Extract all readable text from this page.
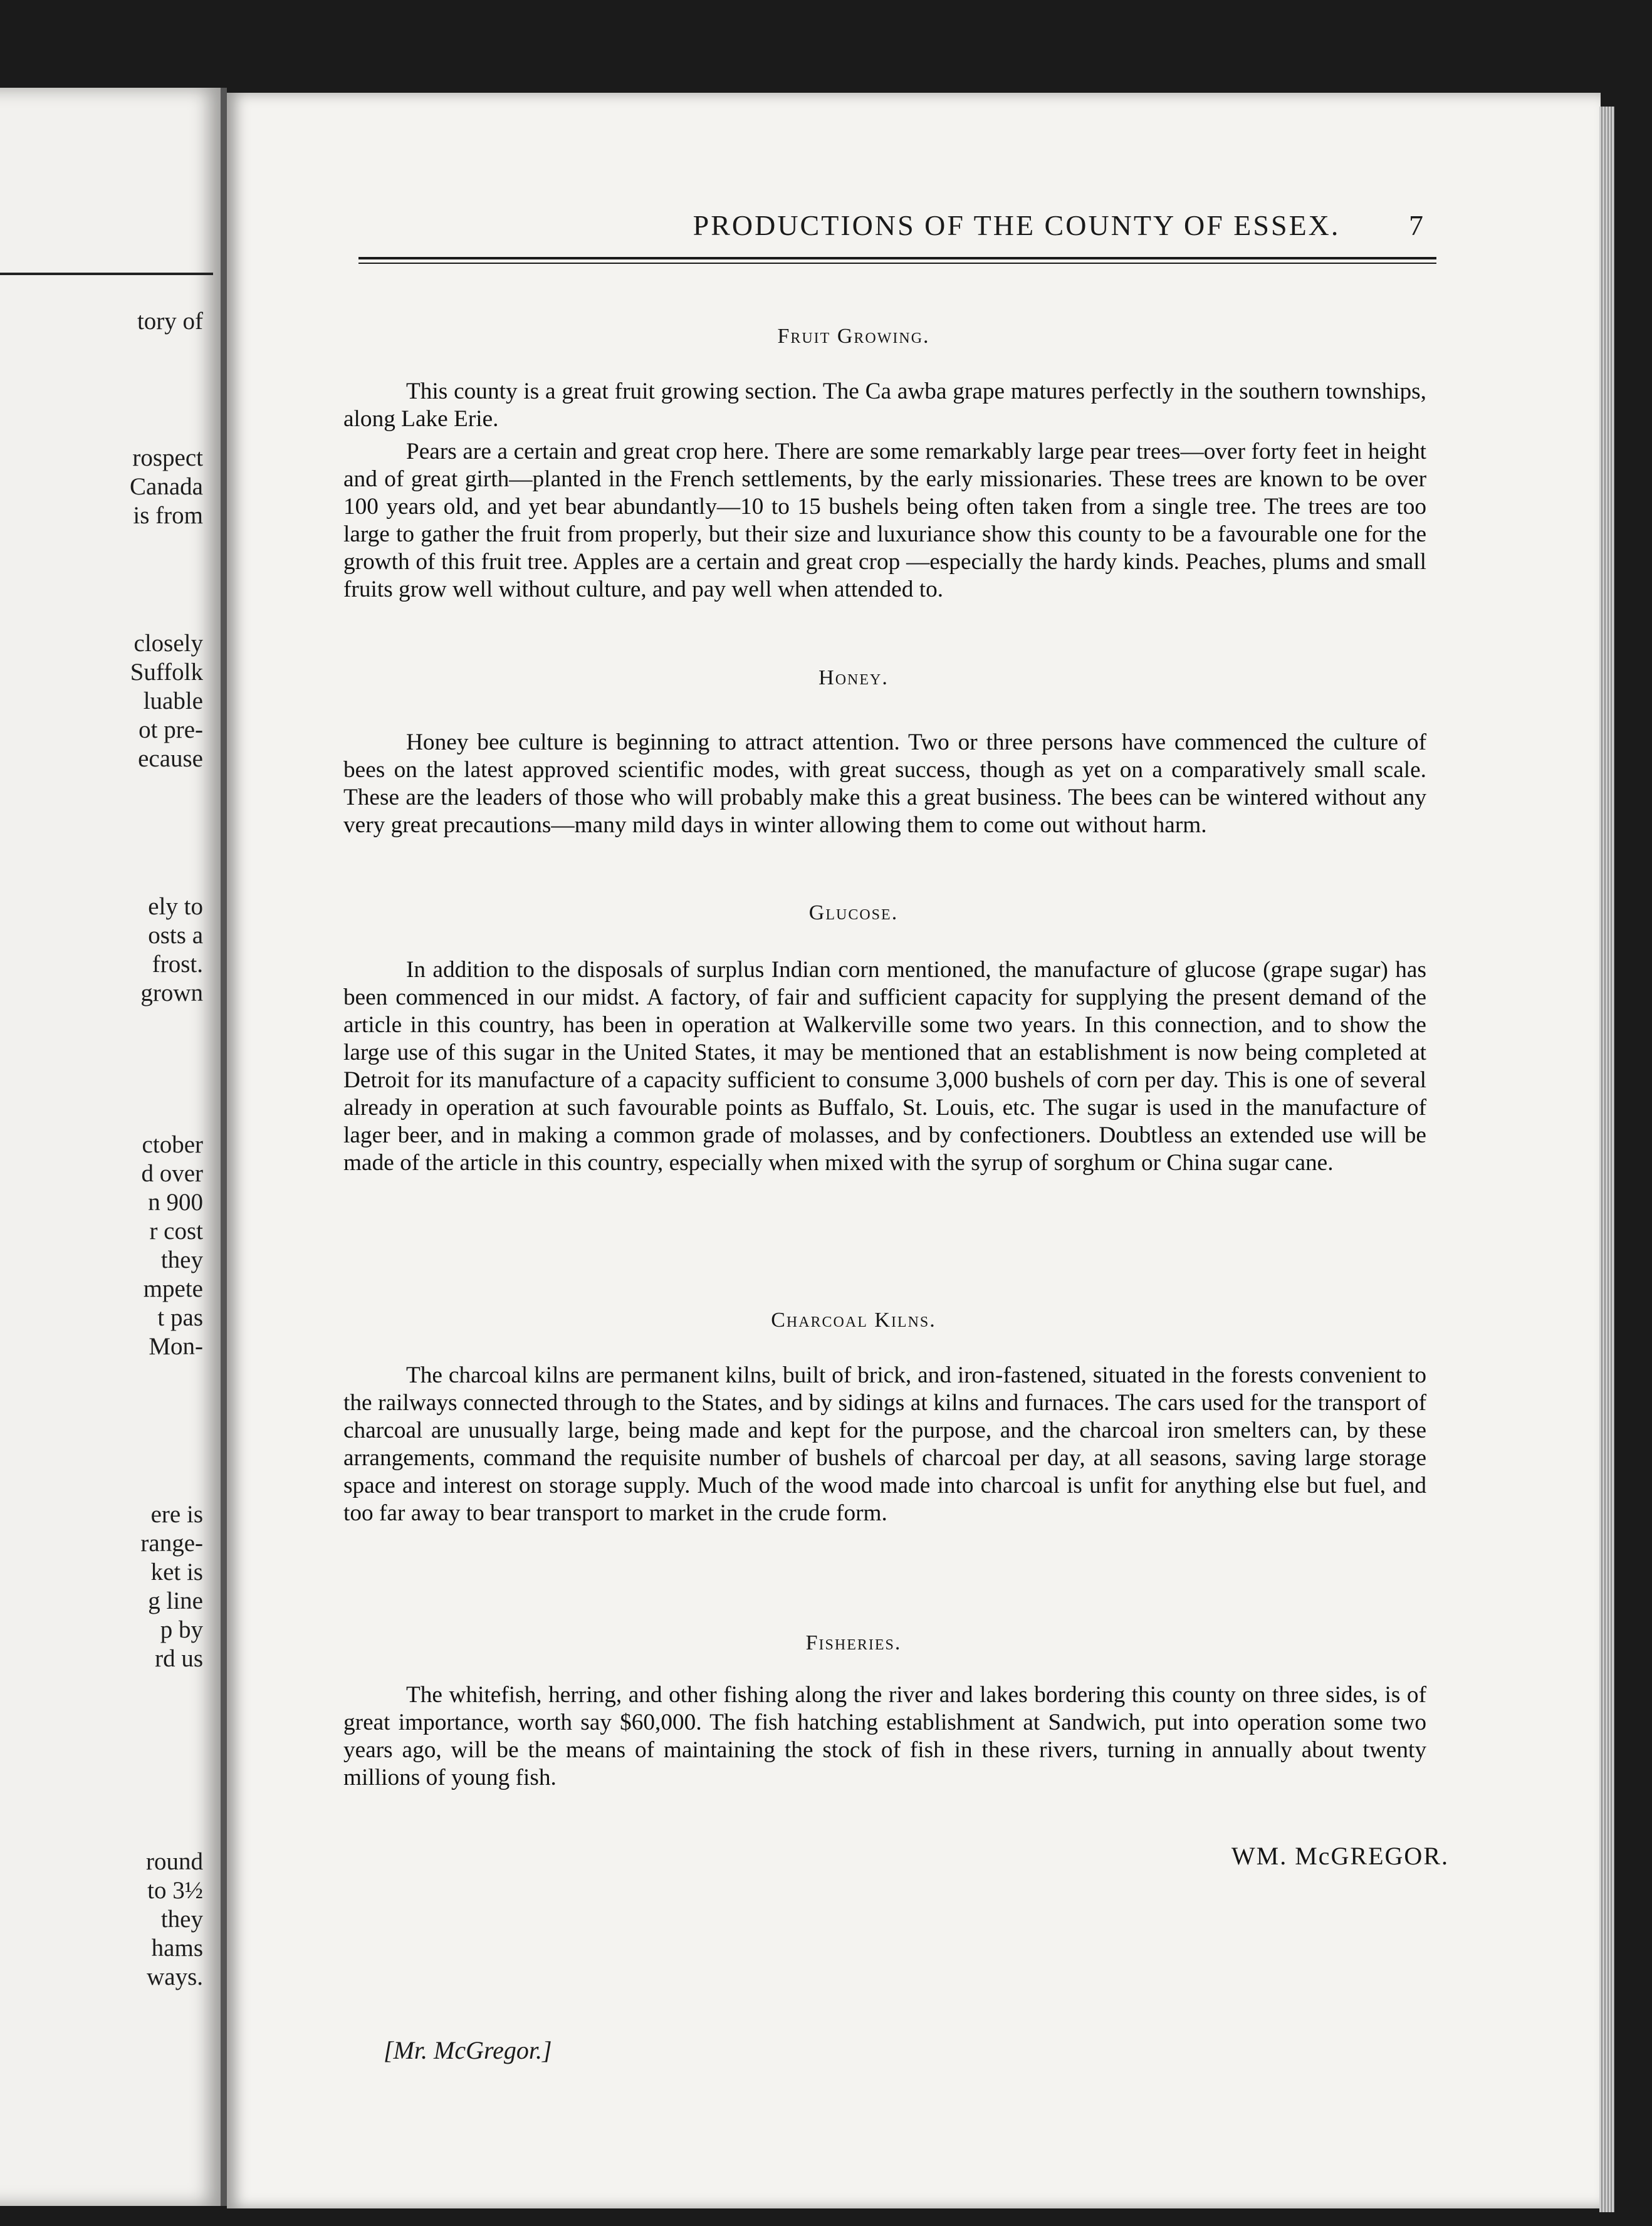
tory of
rospect
Canada
is from
closely
Suffolk
luable
ot pre-
ecause
ely to
osts a
frost.
grown
ctober
d over
n 900
r cost
they
mpete
t pas
Mon-
ere is
range-
ket is
g line
p by
rd us
round
to 3½
they
hams
ways.
PRODUCTIONS OF THE COUNTY OF ESSEX.	7
Fruit Growing.

This county is a great fruit growing section. The Ca awba grape matures perfectly in the southern townships, along Lake Erie.

Pears are a certain and great crop here. There are some remarkably large pear trees—over forty feet in height and of great girth—planted in the French settlements, by the early missionaries. These trees are known to be over 100 years old, and yet bear abundantly—10 to 15 bushels being often taken from a single tree. The trees are too large to gather the fruit from properly, but their size and luxuriance show this county to be a favourable one for the growth of this fruit tree. Apples are a certain and great crop —especially the hardy kinds. Peaches, plums and small fruits grow well without culture, and pay well when attended to.

Honey.

Honey bee culture is beginning to attract attention. Two or three persons have commenced the culture of bees on the latest approved scientific modes, with great success, though as yet on a comparatively small scale. These are the leaders of those who will probably make this a great business. The bees can be wintered without any very great precautions—many mild days in winter allowing them to come out without harm.

Glucose.

In addition to the disposals of surplus Indian corn mentioned, the manufacture of glucose (grape sugar) has been commenced in our midst. A factory, of fair and sufficient capacity for supplying the present demand of the article in this country, has been in operation at Walkerville some two years. In this connection, and to show the large use of this sugar in the United States, it may be mentioned that an establishment is now being completed at Detroit for its manufacture of a capacity sufficient to consume 3,000 bushels of corn per day. This is one of several already in operation at such favourable points as Buffalo, St. Louis, etc. The sugar is used in the manufacture of lager beer, and in making a common grade of molasses, and by confectioners. Doubtless an extended use will be made of the article in this country, especially when mixed with the syrup of sorghum or China sugar cane.

Charcoal Kilns.

The charcoal kilns are permanent kilns, built of brick, and iron-fastened, situated in the forests convenient to the railways connected through to the States, and by sidings at kilns and furnaces. The cars used for the transport of charcoal are unusually large, being made and kept for the purpose, and the charcoal iron smelters can, by these arrangements, command the requisite number of bushels of charcoal per day, at all seasons, saving large storage space and interest on storage supply. Much of the wood made into charcoal is unfit for anything else but fuel, and too far away to bear transport to market in the crude form.

Fisheries.

The whitefish, herring, and other fishing along the river and lakes bordering this county on three sides, is of great importance, worth say $60,000. The fish hatching establishment at Sandwich, put into operation some two years ago, will be the means of maintaining the stock of fish in these rivers, turning in annually about twenty millions of young fish.

WM. McGREGOR.
[Mr. McGregor.]
